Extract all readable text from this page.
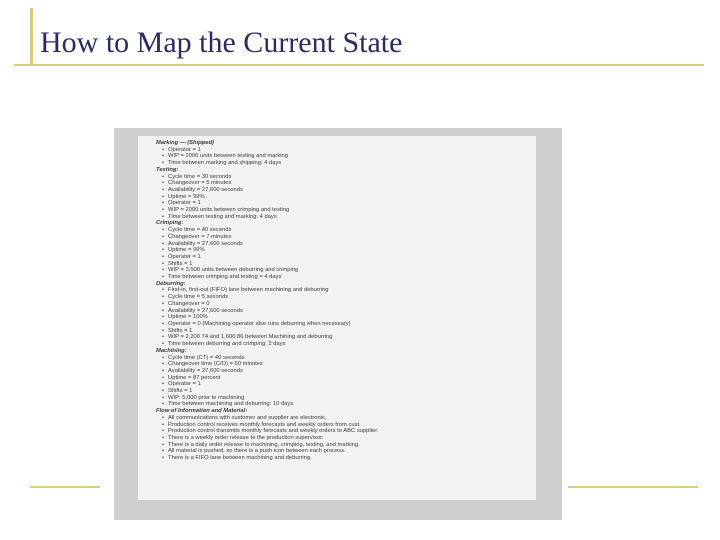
How to Map the Current State
Marking — (Shipped)
• Operator = 1
• WIP = 2000 units between testing and marking
• Time between marking and shipping: 4 days
Testing:
• Cycle time = 30 seconds
• Changeover = 5 minutes
• Availability = 27,600 seconds
• Uptime = 99%
• Operator = 1
• WIP = 2000 units between crimping and testing
• Time between testing and marking: 4 days
Crimping:
• Cycle time = 40 seconds
• Changeover = 7 minutes
• Availability = 27,600 seconds
• Uptime = 99%
• Operator = 1
• Shifts = 1
• WIP = 3,500 units between deburring and crimping
• Time between crimping and testing = 4 days
Deburring:
• First-in, first-out (FIFO) lane between machining and deburring
• Cycle time = 5 seconds
• Changeover = 0
• Availability = 27,600 seconds
• Uptime = 100%
• Operator = 0 (Machining operator also runs deburring when necessary)
• Shifts = 1
• WIP = 2,200 74 and 1,600 86 between Machining and deburring
• Time between deburring and crimping: 2 days
Machining:
• Cycle time (CT) = 40 seconds
• Changeover time (C/O) = 60 minutes
• Availability = 27,600 seconds
• Uptime = 87 percent
• Operator = 1
• Shifts = 1
• WIP: 5,000 prior to machining
• Time between machining and deburring: 10 days
Flow of Information and Material:
• All communications with customer and supplier are electronic.
• Production control receives monthly forecasts and weekly orders from cust.
• Production control transmits monthly forecasts and weekly orders to ABC supplier.
• There is a weekly order release to the production supervisor.
• There is a daily order release to machining, crimping, testing, and marking.
• All material is pushed, so there is a push icon between each process.
• There is a FIFO lane between machining and deburring.
